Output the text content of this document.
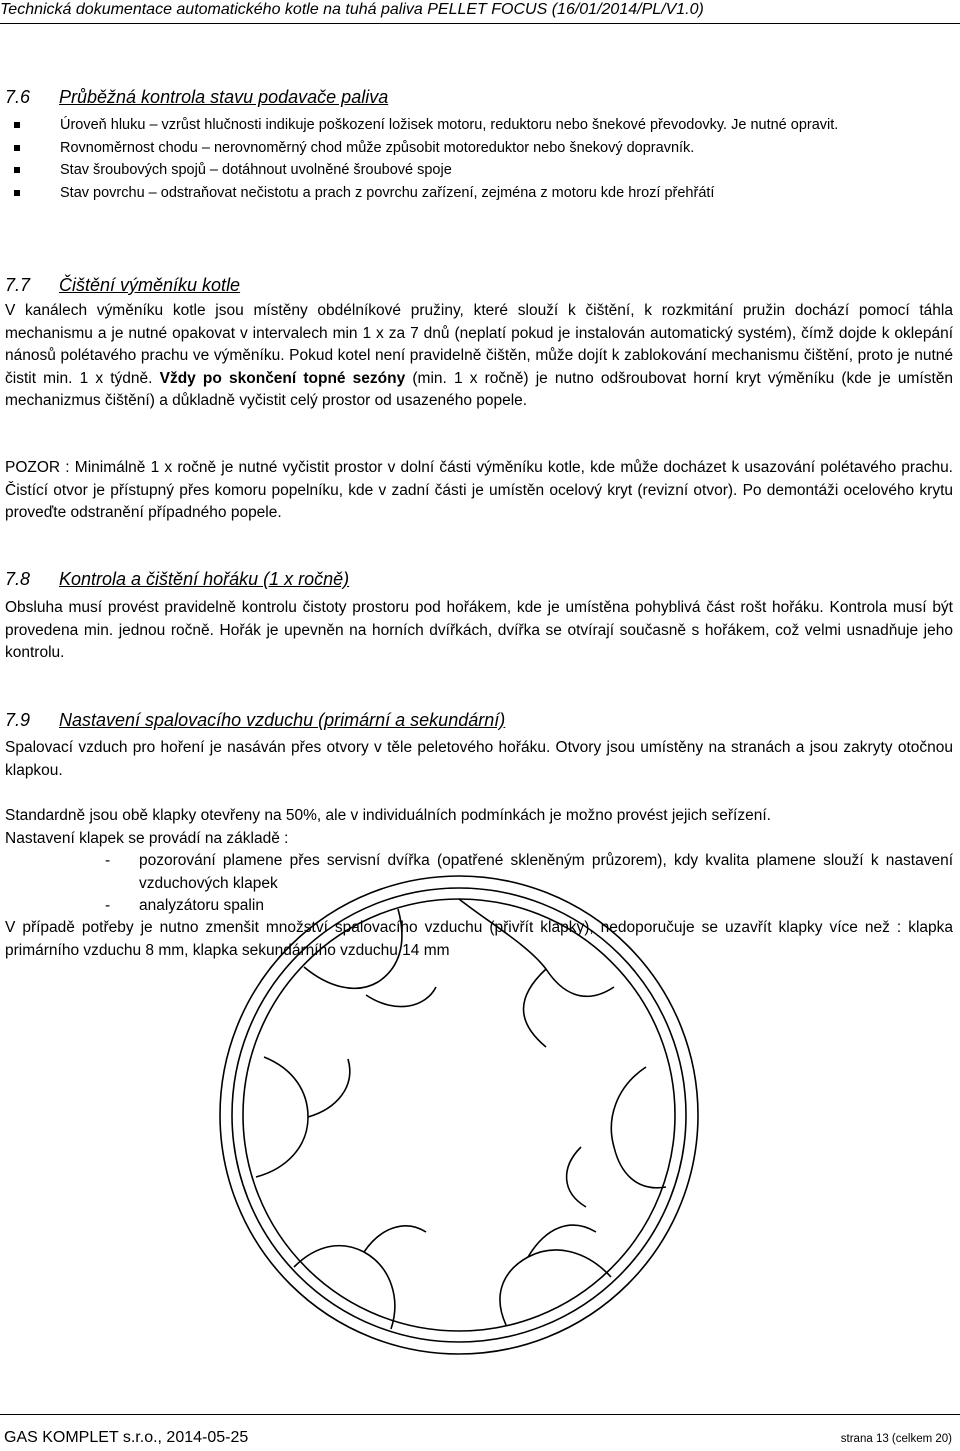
Technická dokumentace automatického kotle na tuhá paliva PELLET FOCUS (16/01/2014/PL/V1.0)
7.6 Průběžná kontrola stavu podavače paliva
Úroveň hluku – vzrůst hlučnosti indikuje poškození ložisek motoru, reduktoru nebo šnekové převodovky. Je nutné opravit.
Rovnoměrnost chodu – nerovnoměrný chod může způsobit motoreduktor nebo šnekový dopravník.
Stav šroubových spojů – dotáhnout uvolněné šroubové spoje
Stav povrchu – odstraňovat nečistotu a prach z povrchu zařízení, zejména z motoru kde hrozí přehřátí
7.7 Čištění výměníku kotle
V kanálech výměníku kotle jsou místěny obdélníkové pružiny, které slouží k čištění, k rozkmitání pružin dochází pomocí táhla mechanismu a je nutné opakovat v intervalech min 1 x za 7 dnů (neplatí pokud je instalován automatický systém), čímž dojde k oklepání nánosů polétavého prachu ve výměníku. Pokud kotel není pravidelně čištěn, může dojít k zablokování mechanismu čištění, proto je nutné čistit min. 1 x týdně. Vždy po skončení topné sezóny (min. 1 x ročně) je nutno odšroubovat horní kryt výměníku (kde je umístěn mechanizmus čištění) a důkladně vyčistit celý prostor od usazeného popele.
POZOR : Minimálně 1 x ročně je nutné vyčistit prostor v dolní části výměníku kotle, kde může docházet k usazování polétavého prachu. Čistící otvor je přístupný přes komoru popelníku, kde v zadní části je umístěn ocelový kryt (revizní otvor). Po demontáži ocelového krytu proveďte odstranění případného popele.
7.8 Kontrola a čištění hořáku (1 x ročně)
Obsluha musí provést pravidelně kontrolu čistoty prostoru pod hořákem, kde je umístěna pohyblivá část rošt hořáku. Kontrola musí být provedena min. jednou ročně. Hořák je upevněn na horních dvířkách, dvířka se otvírají současně s hořákem, což velmi usnadňuje jeho kontrolu.
7.9 Nastavení spalovacího vzduchu (primární a sekundární)
Spalovací vzduch pro hoření je nasáván přes otvory v těle peletového hořáku. Otvory jsou umístěny na stranách a jsou zakryty otočnou klapkou.
Standardně jsou obě klapky otevřeny na 50%, ale v individuálních podmínkách je možno provést jejich seřízení.
Nastavení klapek se provádí na základě :
- pozorování plamene přes servisní dvířka (opatřené skleněným průzorem), kdy kvalita plamene slouží k nastavení vzduchových klapek
- analyzátoru spalin
V případě potřeby je nutno zmenšit množství spalovacího vzduchu (přivřít klapky), nedoporučuje se uzavřít klapky více než : klapka primárního vzduchu 8 mm, klapka sekundárního vzduchu 14 mm
GAS KOMPLET s.r.o., 2014-05-25	strana 13 (celkem 20)
